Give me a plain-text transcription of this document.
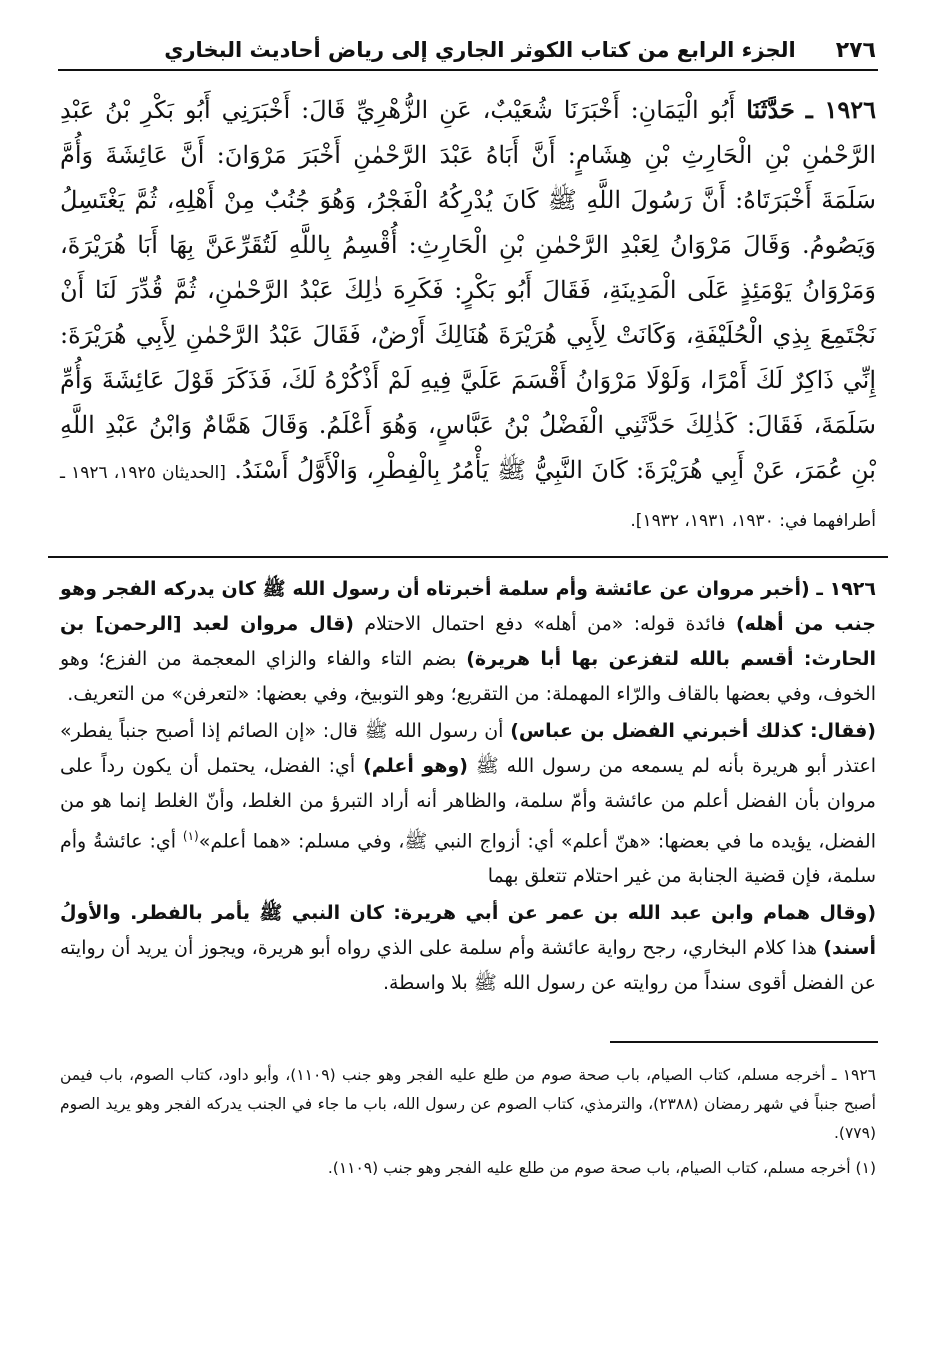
٢٧٦
الجزء الرابع من كتاب الكوثر الجاري إلى رياض أحاديث البخاري
١٩٢٦ ـ حَدَّثَنَا أَبُو الْيَمَانِ: أَخْبَرَنَا شُعَيْبٌ، عَنِ الزُّهْرِيِّ قَالَ: أَخْبَرَنِي أَبُو بَكْرِ بْنُ عَبْدِ الرَّحْمٰنِ بْنِ الْحَارِثِ بْنِ هِشَامٍ: أَنَّ أَبَاهُ عَبْدَ الرَّحْمٰنِ أَخْبَرَ مَرْوَانَ: أَنَّ عَائِشَةَ وَأُمَّ سَلَمَةَ أَخْبَرَتَاهُ: أَنَّ رَسُولَ اللَّهِ ﷺ كَانَ يُدْرِكُهُ الْفَجْرُ، وَهُوَ جُنُبٌ مِنْ أَهْلِهِ، ثُمَّ يَغْتَسِلُ وَيَصُومُ. وَقَالَ مَرْوَانُ لِعَبْدِ الرَّحْمٰنِ بْنِ الْحَارِثِ: أُقْسِمُ بِاللَّهِ لَتُقَرِّعَنَّ بِهَا أَبَا هُرَيْرَةَ، وَمَرْوَانُ يَوْمَئِذٍ عَلَى الْمَدِينَةِ، فَقَالَ أَبُو بَكْرٍ: فَكَرِهَ ذٰلِكَ عَبْدُ الرَّحْمٰنِ، ثُمَّ قُدِّرَ لَنَا أَنْ نَجْتَمِعَ بِذِي الْحُلَيْفَةِ، وَكَانَتْ لِأَبِي هُرَيْرَةَ هُنَالِكَ أَرْضٌ، فَقَالَ عَبْدُ الرَّحْمٰنِ لِأَبِي هُرَيْرَةَ: إِنِّي ذَاكِرٌ لَكَ أَمْرًا، وَلَوْلَا مَرْوَانُ أَقْسَمَ عَلَيَّ فِيهِ لَمْ أَذْكُرْهُ لَكَ، فَذَكَرَ قَوْلَ عَائِشَةَ وَأُمِّ سَلَمَةَ، فَقَالَ: كَذٰلِكَ حَدَّثَنِي الْفَضْلُ بْنُ عَبَّاسٍ، وَهُوَ أَعْلَمُ. وَقَالَ هَمَّامٌ وَابْنُ عَبْدِ اللَّهِ بْنِ عُمَرَ، عَنْ أَبِي هُرَيْرَةَ: كَانَ النَّبِيُّ ﷺ يَأْمُرُ بِالْفِطْرِ، وَالْأَوَّلُ أَسْنَدُ. [الحديثان ١٩٢٥، ١٩٢٦ ـ أطرافهما في: ١٩٣٠، ١٩٣١، ١٩٣٢].

١٩٢٦ ـ (أخبر مروان عن عائشة وأم سلمة أخبرتاه أن رسول الله ﷺ كان يدركه الفجر وهو جنب من أهله) فائدة قوله: «من أهله» دفع احتمال الاحتلام (قال مروان لعبد [الرحمن] بن الحارث: أقسم بالله لتفزعن بها أبا هريرة) بضم التاء والفاء والزاي المعجمة من الفزع؛ وهو الخوف، وفي بعضها بالقاف والرّاء المهملة: من التقريع؛ وهو التوبيخ، وفي بعضها: «لتعرفن» من التعريف.

(فقال: كذلك أخبرني الفضل بن عباس) أن رسول الله ﷺ قال: «إن الصائم إذا أصبح جنباً يفطر» اعتذر أبو هريرة بأنه لم يسمعه من رسول الله ﷺ (وهو أعلم) أي: الفضل، يحتمل أن يكون رداً على مروان بأن الفضل أعلم من عائشة وأمّ سلمة، والظاهر أنه أراد التبرؤ من الغلط، وأنّ الغلط إنما هو من الفضل، يؤيده ما في بعضها: «هنّ أعلم» أي: أزواج النبي ﷺ، وفي مسلم: «هما أعلم»$^{(١)}$ أي: عائشةُ وأم سلمة، فإن قضية الجنابة من غير احتلام تتعلق بهما

(وقال همام وابن عبد الله بن عمر عن أبي هريرة: كان النبي ﷺ يأمر بالفطر. والأولُ أسند) هذا كلام البخاري، رجح رواية عائشة وأم سلمة على الذي رواه أبو هريرة، ويجوز أن يريد أن روايته عن الفضل أقوى سنداً من روايته عن رسول الله ﷺ بلا واسطة.

١٩٢٦ ـ أخرجه مسلم، كتاب الصيام، باب صحة صوم من طلع عليه الفجر وهو جنب (١١٠٩)، وأبو داود، كتاب الصوم، باب فيمن أصبح جنباً في شهر رمضان (٢٣٨٨)، والترمذي، كتاب الصوم عن رسول الله، باب ما جاء في الجنب يدركه الفجر وهو يريد الصوم (٧٧٩).

(١) أخرجه مسلم، كتاب الصيام، باب صحة صوم من طلع عليه الفجر وهو جنب (١١٠٩).
